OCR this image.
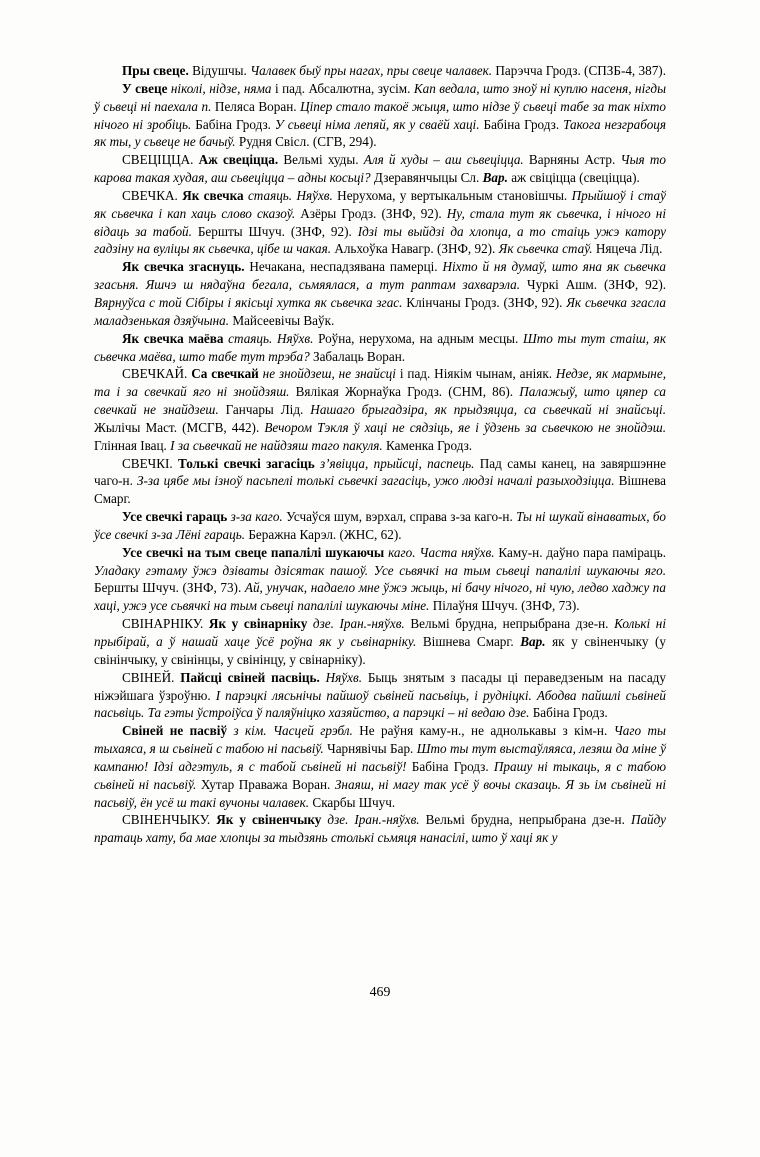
Пры свеце. Відушчы. Чалавек быў пры нагах, пры свеце чалавек. Парэчча Гродз. (СПЗБ-4, 387).

У свеце ніколі, нідзе, няма і пад. Абсалютна, зусім. Кап ведала, што зноў ні куплю насеня, нігды ў сьвеці ні паехала п. Пеляса Воран. Ціпер стало такоё жыця, што нідзе ў сьвеці табе за так ніхто нічого ні зробіць. Бабіна Гродз. У сьвеці німа лепяй, як у сваёй хаці. Бабіна Гродз. Такога незграбоця як ты, у сьвеце не бачыў. Рудня Свісл. (СГВ, 294).

СВЕЦІЦЦА. Аж свеціцца. Вельмі худы. Аля й худы – аш сьвеціцца. Варняны Астр. Чыя то карова такая худая, аш сьвеціцца – адны косьці? Дзеравянчыцы Сл. Вар. аж свіціцца (свеціцца).

СВЕЧКА. Як свечка стаяць. Няўхв. Нерухома, у вертыкальным становішчы. Прыйшоў і стаў як сьвечка і кап хаць слово сказоў. Азёры Гродз. (ЗНФ, 92). Ну, стала тут як сьвечка, і нічого ні відаць за табой. Бершты Шчуч. (ЗНФ, 92). Ідзі ты выйдзі да хлопца, а то стаіць ужэ катору гадзіну на вуліцы як сьвечка, цібе ш чакая. Альхоўка Навагр. (ЗНФ, 92). Як сьвечка стаў. Няцеча Лід.

Як свечка згаснуць. Нечакана, неспадзявана памерці. Ніхто й ня думаў, што яна як сьвечка згасьня. Яшчэ ш нядаўна бегала, сьмяялася, а тут раптам захварэла. Чуркі Ашм. (ЗНФ, 92). Вярнуўса с той Сібіры і якісьці хутка як сьвечка згас. Клінчаны Гродз. (ЗНФ, 92). Як сьвечка згасла маладзенькая дзяўчына. Майсеевічы Ваўк.

Як свечка маёва стаяць. Няўхв. Роўна, нерухома, на адным месцы. Што ты тут стаіш, як сьвечка маёва, што табе тут трэба? Забалаць Воран.

СВЕЧКАЙ. Са свечкай не знойдзеш, не знайсці і пад. Ніякім чынам, аніяк. Недзе, як мармыне, та і за свечкай яго ні знойдзяш. Вялікая Жорнаўка Гродз. (СНМ, 86). Палажыў, што цяпер са свечкай не знайдзеш. Ганчары Лід. Нашаго брыгадзіра, як прыдзяцца, са сьвечкай ні знайсьці. Жылічы Маст. (МСГВ, 442). Вечором Тэкля ў хаці не сядзіць, яе і ўдзень за сьвечкою не знойдэш. Глінная Івац. І за сьвечкай не найдзяш таго пакуля. Каменка Гродз.

СВЕЧКІ. Толькі свечкі загасіць з’явіцца, прыйсці, паспець. Пад самы канец, на завяршэнне чаго-н. З-за цябе мы ізноў пасьпелі толькі сьвечкі загасіць, ужо людзі началі разыходзіцца. Вішнева Смарг.

Усе свечкі гараць з-за каго. Усчаўся шум, вэрхал, справа з-за каго-н. Ты ні шукай вінаватых, бо ўсе свечкі з-за Лёні гараць. Беражна Карэл. (ЖНС, 62).

Усе свечкі на тым свеце папалілі шукаючы каго. Часта няўхв. Каму-н. даўно пара паміраць. Уладаку гэтаму ўжэ дзіваты дзісятак пашоў. Усе сьвячкі на тым сьвеці папалілі шукаючы яго. Бершты Шчуч. (ЗНФ, 73). Ай, унучак, надаело мне ўжэ жыць, ні бачу нічого, ні чую, ледво хаджу па хаці, ужэ усе сьвячкі на тым сьвеці папалілі шукаючы міне. Пілаўня Шчуч. (ЗНФ, 73).

СВІНАРНІКУ. Як у свінарніку дзе. Іран.-няўхв. Вельмі брудна, непрыбрана дзе-н. Колькі ні прыбірай, а ў нашай хаце ўсё роўна як у сьвінарніку. Вішнева Смарг. Вар. як у свіненчыку (у свінінчыку, у свінінцы, у свінінцу, у свінарніку).

СВІНЕЙ. Пайсці свіней пасвіць. Няўхв. Быць знятым з пасады ці пераведзеным на пасаду ніжэйшага ўзроўню. І парэцкі лясьнічы пайшоў сьвіней пасьвіць, і руднiцкі. Абодва пайшлі сьвіней пасьвіць. Та гэты ўстроіўса ў паляўніцко хазяйство, а парэцкі – ні ведаю дзе. Бабіна Гродз.

Свіней не пасвіў з кім. Часцей грэбл. Не раўня каму-н., не аднолькавы з кім-н. Чаго ты тыхаяса, я ш сьвіней с табою ні пасьвіў. Чарнявічы Бар. Што ты тут выстаўляяса, лезяш да міне ў кампаню! Ідзі адгэтуль, я с табой сьвіней ні пасьвіў! Бабіна Гродз. Прашу ні тыкаць, я с табою сьвіней ні пасьвіў. Хутар Праважа Воран. Знаяш, ні магу так усё ў вочы сказаць. Я зь ім сьвіней ні пасьвіў, ён усё ш такі вучоны чалавек. Скарбы Шчуч.

СВІНЕНЧЫКУ. Як у свіненчыку дзе. Іран.-няўхв. Вельмі брудна, непрыбрана дзе-н. Пайду пратаць хату, ба мае хлопцы за тыдзянь столькі сьмяця нанасілі, што ў хаці як у

469
